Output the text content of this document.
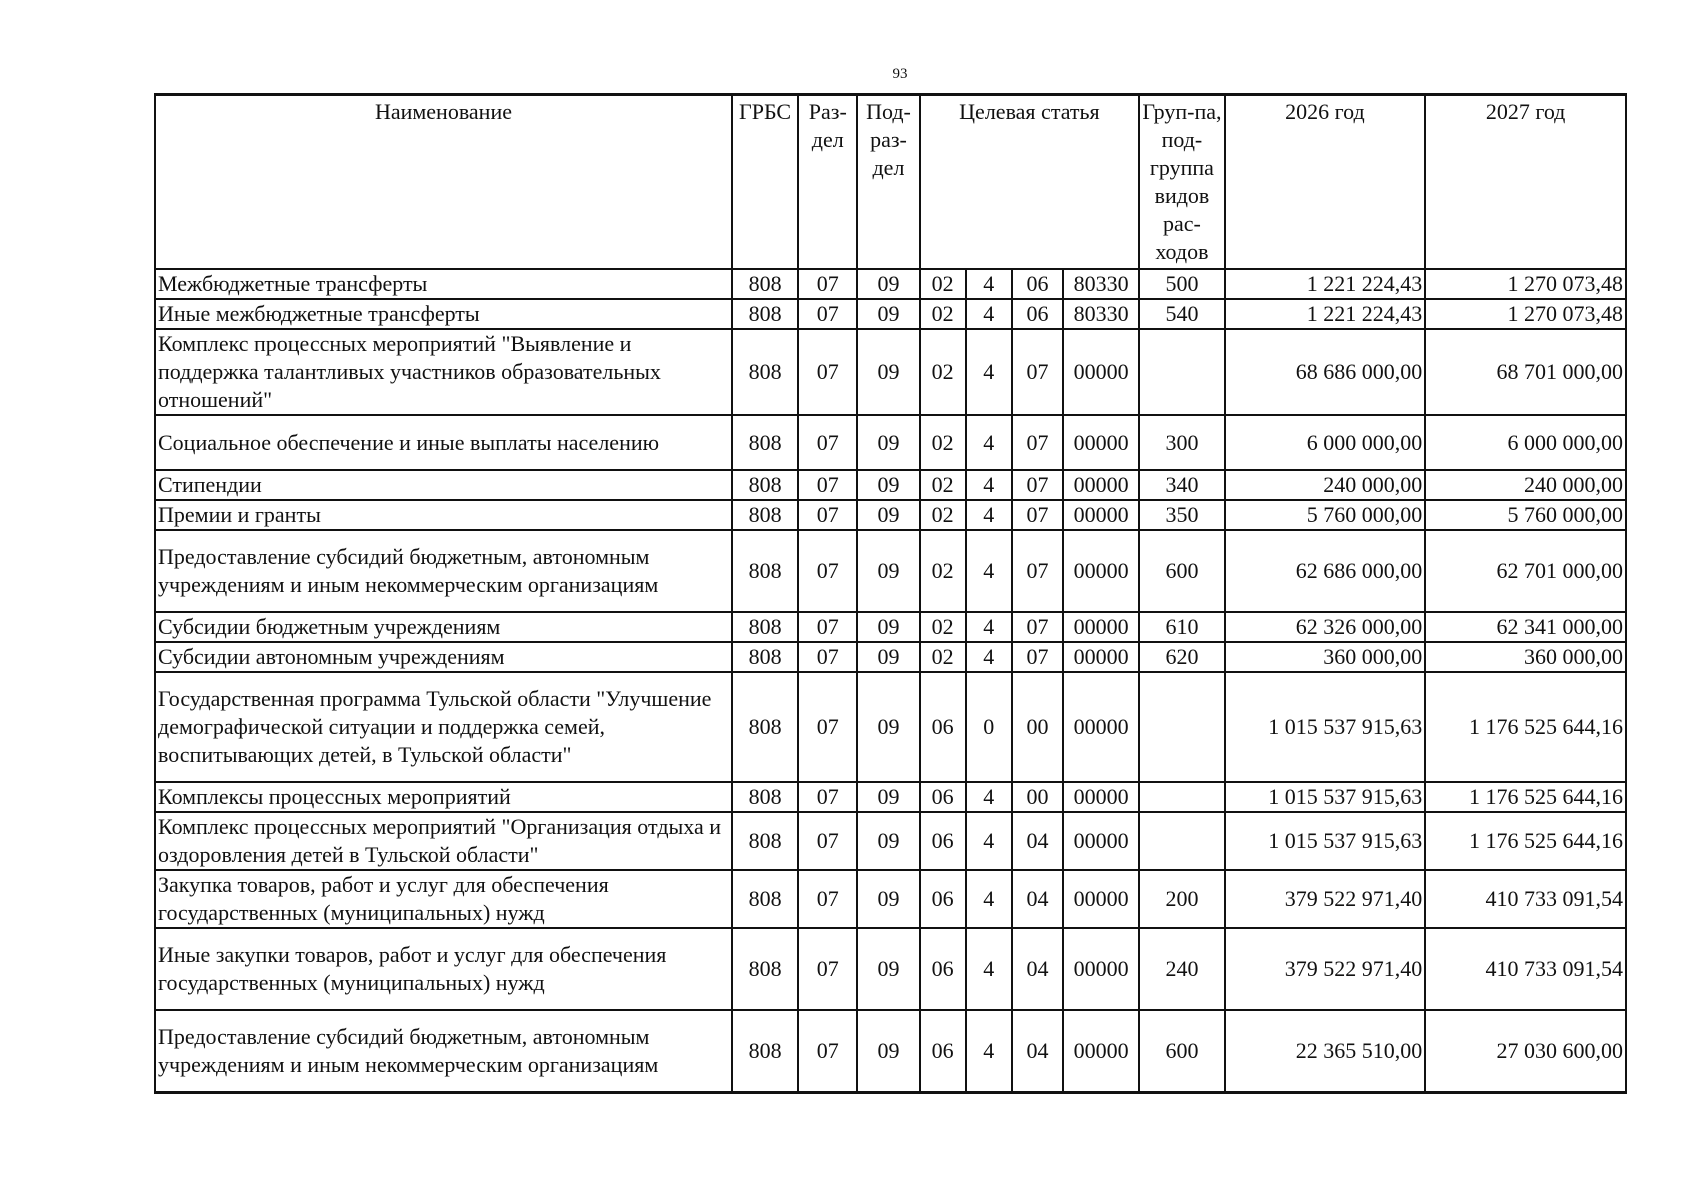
93
Наименование	ГРБС	Раз-дел	Под-раз-дел	Целевая статья				Груп-па, под-группа видов рас-ходов	2026 год	2027 год
Межбюджетные трансферты	808	07	09	02	4	06	80330	500	1 221 224,43	1 270 073,48
Иные межбюджетные трансферты	808	07	09	02	4	06	80330	540	1 221 224,43	1 270 073,48
Комплекс процессных мероприятий "Выявление и поддержка талантливых участников образовательных отношений"	808	07	09	02	4	07	00000		68 686 000,00	68 701 000,00
Социальное обеспечение и иные выплаты населению	808	07	09	02	4	07	00000	300	6 000 000,00	6 000 000,00
Стипендии	808	07	09	02	4	07	00000	340	240 000,00	240 000,00
Премии и гранты	808	07	09	02	4	07	00000	350	5 760 000,00	5 760 000,00
Предоставление субсидий бюджетным, автономным учреждениям и иным некоммерческим организациям	808	07	09	02	4	07	00000	600	62 686 000,00	62 701 000,00
Субсидии бюджетным учреждениям	808	07	09	02	4	07	00000	610	62 326 000,00	62 341 000,00
Субсидии автономным учреждениям	808	07	09	02	4	07	00000	620	360 000,00	360 000,00
Государственная программа Тульской области "Улучшение демографической ситуации и поддержка семей, воспитывающих детей, в Тульской области"	808	07	09	06	0	00	00000		1 015 537 915,63	1 176 525 644,16
Комплексы процессных мероприятий	808	07	09	06	4	00	00000		1 015 537 915,63	1 176 525 644,16
Комплекс процессных мероприятий "Организация отдыха и оздоровления детей в Тульской области"	808	07	09	06	4	04	00000		1 015 537 915,63	1 176 525 644,16
Закупка товаров, работ и услуг для обеспечения государственных (муниципальных) нужд	808	07	09	06	4	04	00000	200	379 522 971,40	410 733 091,54
Иные закупки товаров, работ и услуг для обеспечения государственных (муниципальных) нужд	808	07	09	06	4	04	00000	240	379 522 971,40	410 733 091,54
Предоставление субсидий бюджетным, автономным учреждениям и иным некоммерческим организациям	808	07	09	06	4	04	00000	600	22 365 510,00	27 030 600,00
